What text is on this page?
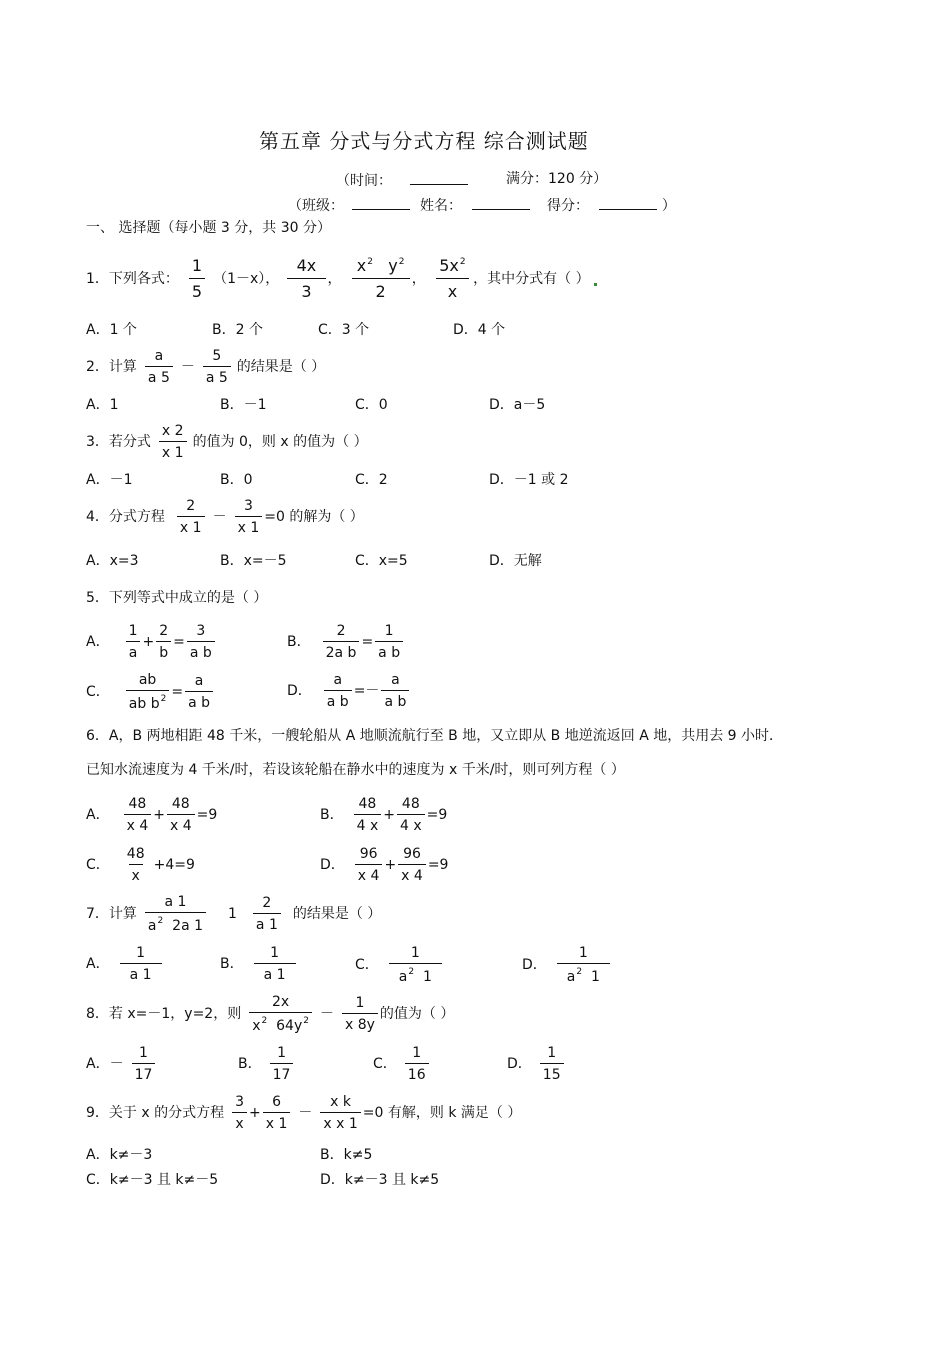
第五章 分式与分式方程 综合测试题
（时间：	满分：120 分）
（班级：	姓名：	得分：	）
一、 选择题（每小题 3 分，共 30 分）
1．下列各式： $\frac{1}{5} (1-x)$， $\frac{4x}{3}$ ， $\frac{x^2 y^2}{2}$ ， $\frac{5x^2}{x}$ ，其中分式有（ ）
A．1 个	B．2 个	C．3 个	D．4 个
2．计算 $\frac{a}{a 5} - \frac{5}{a 5}$ 的结果是（ ）
A．1	B．－1	C．0	D．a－5
3．若分式 $\frac{x 2}{x 1}$ 的值为 0，则 x 的值为（ ）
A．－1	B．0	C．2	D．－1 或 2
4．分式方程 $\frac{2}{x 1} - \frac{3}{x 1} =0$ 的解为（ ）
A．x=3	B．x=－5	C．x=5	D．无解
5．下列等式中成立的是（ ）
A． $\frac{1}{a} + \frac{2}{b} = \frac{3}{\text{a b}}$	B． $\frac{2}{\text{2a b}} = \frac{1}{\text{a b}}$
C． $\frac{ab}{ab b^2} = \frac{a}{\text{a b}}$	D． $\frac{a}{\text{a b}} =- \frac{a}{\text{a b}}$
6．A，B 两地相距 48 千米，一艘轮船从 A 地顺流航行至 B 地，又立即从 B 地逆流返回 A 地，共用去 9 小时．
已知水流速度为 4 千米/时，若设该轮船在静水中的速度为 x 千米/时，则可列方程（ ）
A． $\frac{48}{x 4} + \frac{48}{x 4} =9$	B． $\frac{48}{4 x} + \frac{48}{4 x} =9$
C． $\frac{48}{x} +4=9$	D． $\frac{96}{x 4} + \frac{96}{x 4} =9$
7．计算 $\frac{a 1}{a^2 2a 1} 1 \frac{2}{a 1}$ 的结果是（ ）
A． $\frac{1}{a 1}$	B． $\frac{1}{a 1}$	C． $\frac{1}{a^2 1}$	D． $\frac{1}{a^2 1}$
8．若 x=－1，y=2，则 $\frac{2x}{x^2 64y^2} - \frac{1}{x 8y}$ 的值为（ ）
A．－ $\frac{1}{17}$	B． $\frac{1}{17}$	C． $\frac{1}{16}$	D． $\frac{1}{15}$
9．关于 x 的分式方程 $\frac{3}{x} + \frac{6}{x 1} - \frac{\text{x k}}{\text{x x 1}} =0$ 有解，则 k 满足（ ）
A．k≠－3	B．k≠5
C．k≠－3 且 k≠－5	D．k≠－3 且 k≠5
